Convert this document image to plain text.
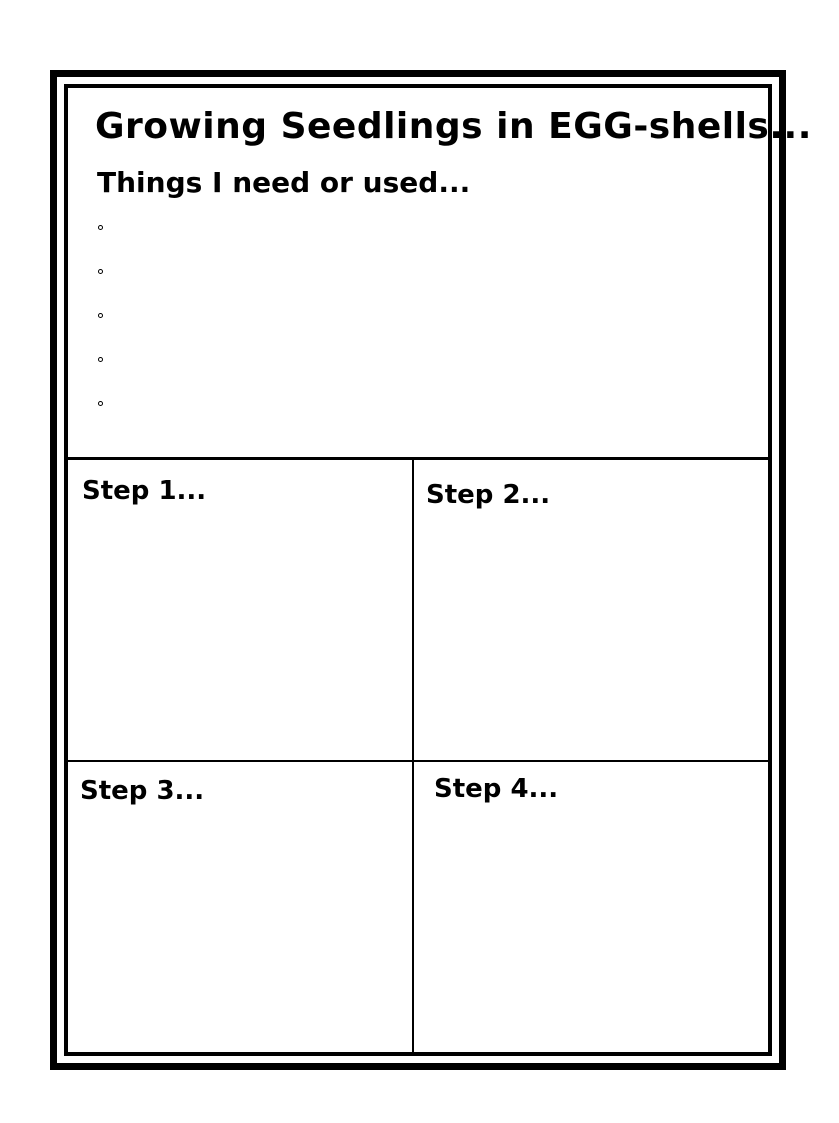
Growing Seedlings in EGG-shells...
Things I need or used...
Step 1...	Step 2...
Step 3...	Step 4...
